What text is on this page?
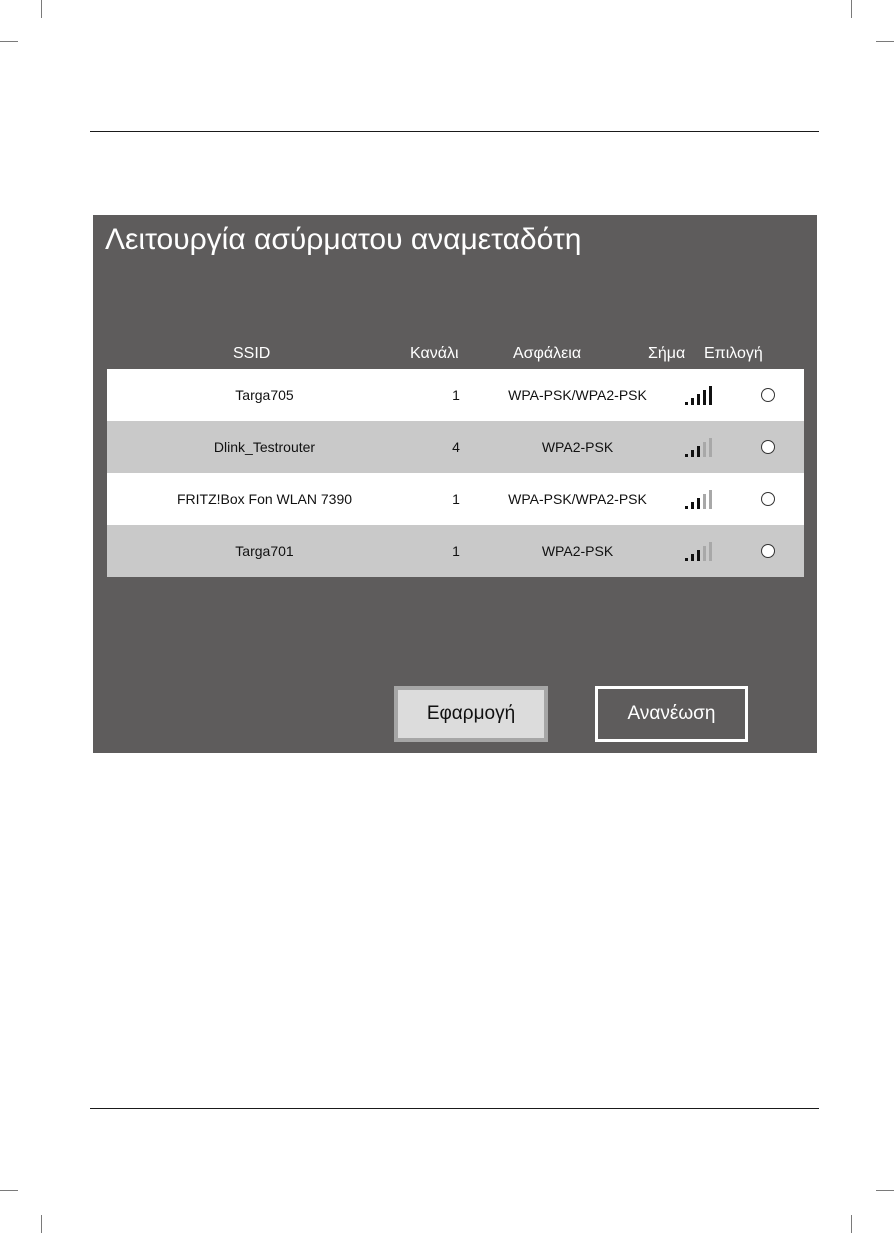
Λειτουργία ασύρματου αναμεταδότη
SSID	Κανάλι	Ασφάλεια	Σήμα Επιλογή
Targa705	1	WPA-PSK/WPA2-PSK
Dlink_Testrouter	4	WPA2-PSK
FRITZ!Box Fon WLAN 7390	1	WPA-PSK/WPA2-PSK
Targa701	1	WPA2-PSK
Εφαρμογή	Ανανέωση
